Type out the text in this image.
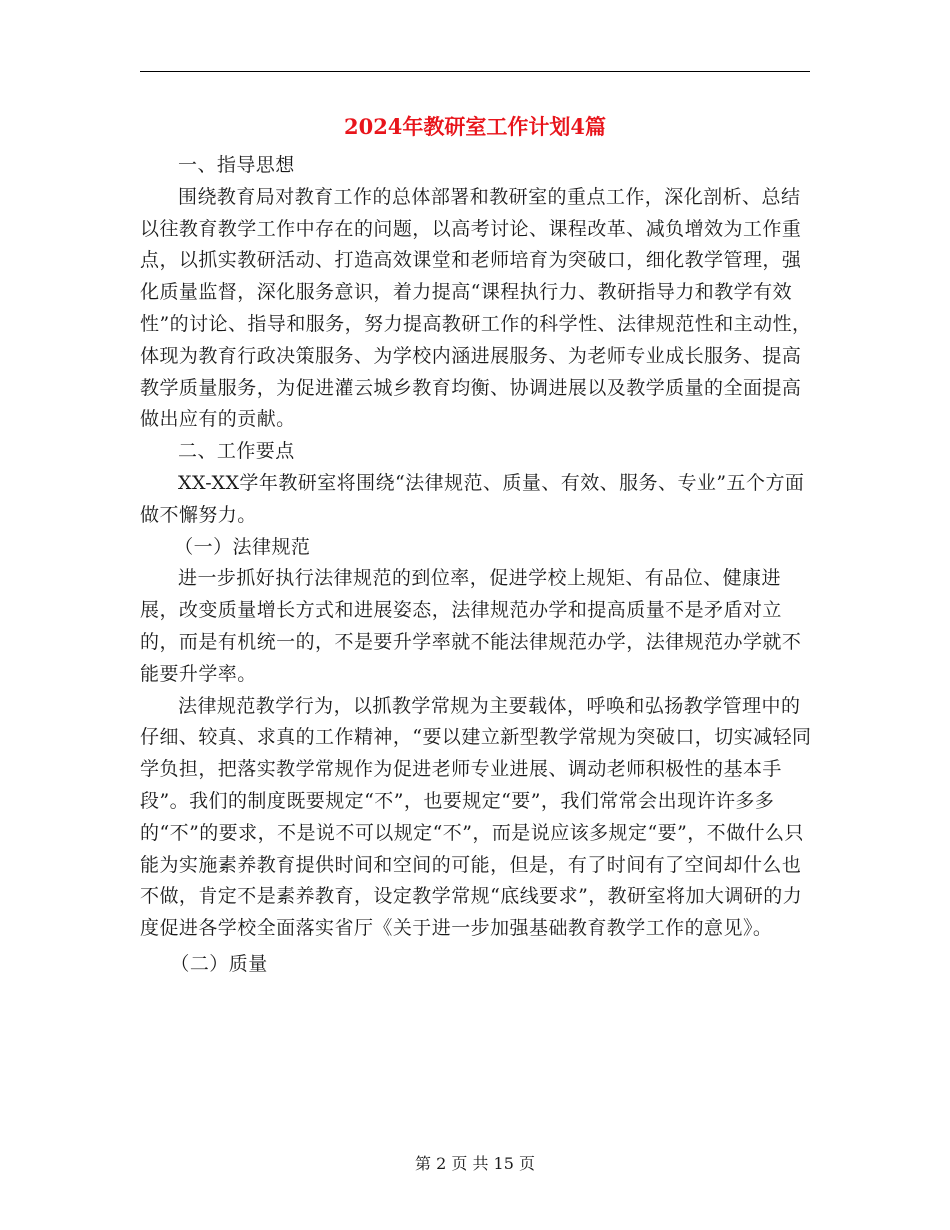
2024年教研室工作计划4篇

一、指导思想

围绕教育局对教育工作的总体部署和教研室的重点工作，深化剖析、总结以往教育教学工作中存在的问题，以高考讨论、课程改革、减负增效为工作重点，以抓实教研活动、打造高效课堂和老师培育为突破口，细化教学管理，强化质量监督，深化服务意识，着力提高“课程执行力、教研指导力和教学有效性”的讨论、指导和服务，努力提高教研工作的科学性、法律规范性和主动性，体现为教育行政决策服务、为学校内涵进展服务、为老师专业成长服务、提高教学质量服务，为促进灌云城乡教育均衡、协调进展以及教学质量的全面提高做出应有的贡献。

二、工作要点

XX-XX学年教研室将围绕“法律规范、质量、有效、服务、专业”五个方面做不懈努力。

（一）法律规范

进一步抓好执行法律规范的到位率，促进学校上规矩、有品位、健康进展，改变质量增长方式和进展姿态，法律规范办学和提高质量不是矛盾对立的，而是有机统一的，不是要升学率就不能法律规范办学，法律规范办学就不能要升学率。

法律规范教学行为，以抓教学常规为主要载体，呼唤和弘扬教学管理中的仔细、较真、求真的工作精神，“要以建立新型教学常规为突破口，切实减轻同学负担，把落实教学常规作为促进老师专业进展、调动老师积极性的基本手段”。我们的制度既要规定“不”，也要规定“要”，我们常常会出现许许多多的“不”的要求，不是说不可以规定“不”，而是说应该多规定“要”，不做什么只能为实施素养教育提供时间和空间的可能，但是，有了时间有了空间却什么也不做，肯定不是素养教育，设定教学常规“底线要求”，教研室将加大调研的力度促进各学校全面落实省厅《关于进一步加强基础教育教学工作的意见》。

（二）质量

第 2 页 共 15 页
